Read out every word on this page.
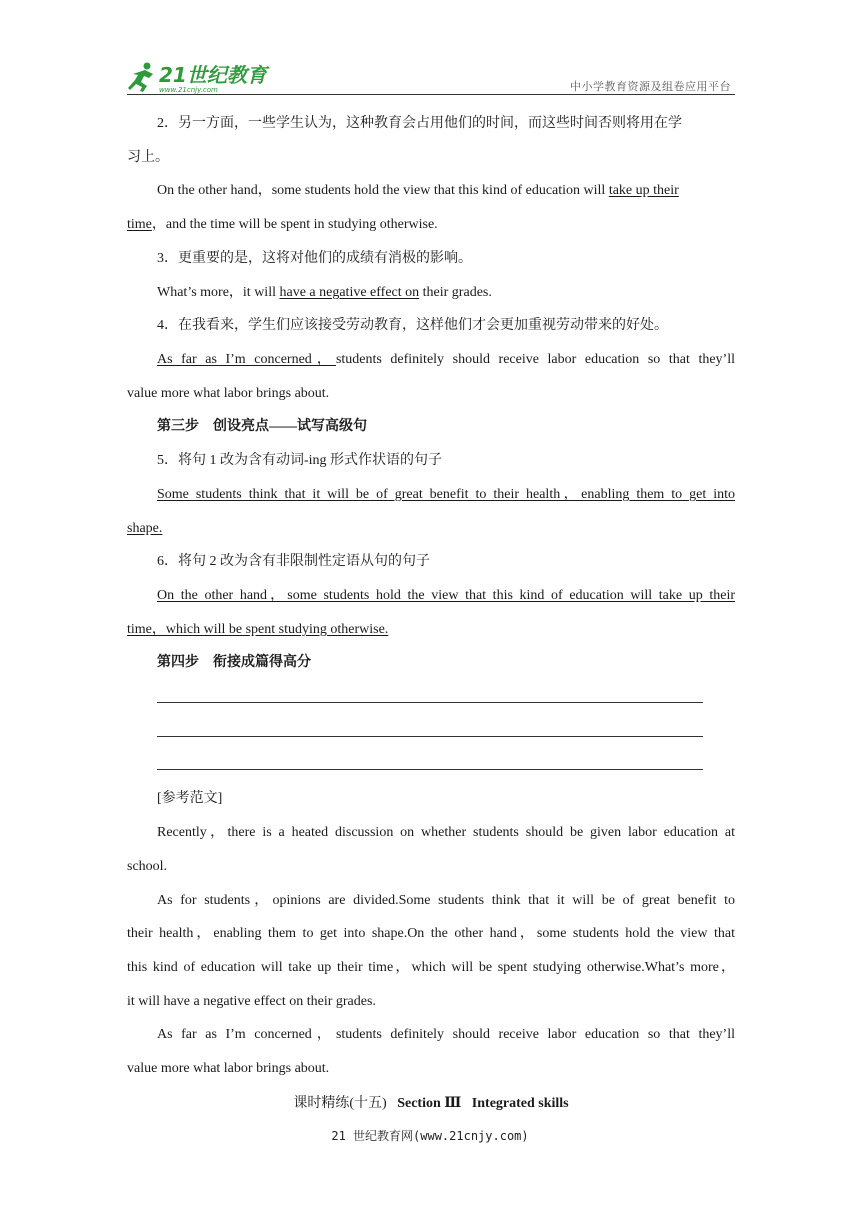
21世纪教育
www.21cnjy.com	中小学教育资源及组卷应用平台
2．另一方面，一些学生认为，这种教育会占用他们的时间，而这些时间否则将用在学
习上。
On the other hand，some students hold the view that this kind of education will take up their
time，and the time will be spent in studying otherwise.
3．更重要的是，这将对他们的成绩有消极的影响。
What’s more，it will have a negative effect on their grades.
4．在我看来，学生们应该接受劳动教育，这样他们才会更加重视劳动带来的好处。
As far as I’m concerned，students definitely should receive labor education so that they’ll
value more what labor brings about.
第三步　创设亮点——试写高级句
5．将句 1 改为含有动词-ing 形式作状语的句子
Some students think that it will be of great benefit to their health，enabling them to get into
shape.
6．将句 2 改为含有非限制性定语从句的句子
On the other hand，some students hold the view that this kind of education will take up their
time，which will be spent studying otherwise.
第四步　衔接成篇得高分
[参考范文]
Recently，there is a heated discussion on whether students should be given labor education at
school.
As for students，opinions are divided.Some students think that it will be of great benefit to
their health，enabling them to get into shape.On the other hand，some students hold the view that
this kind of education will take up their time，which will be spent studying otherwise.What’s more，
it will have a negative effect on their grades.
As far as I’m concerned，students definitely should receive labor education so that they’ll
value more what labor brings about.
课时精练(十五) Section Ⅲ Integrated skills
21 世纪教育网(www.21cnjy.com)
